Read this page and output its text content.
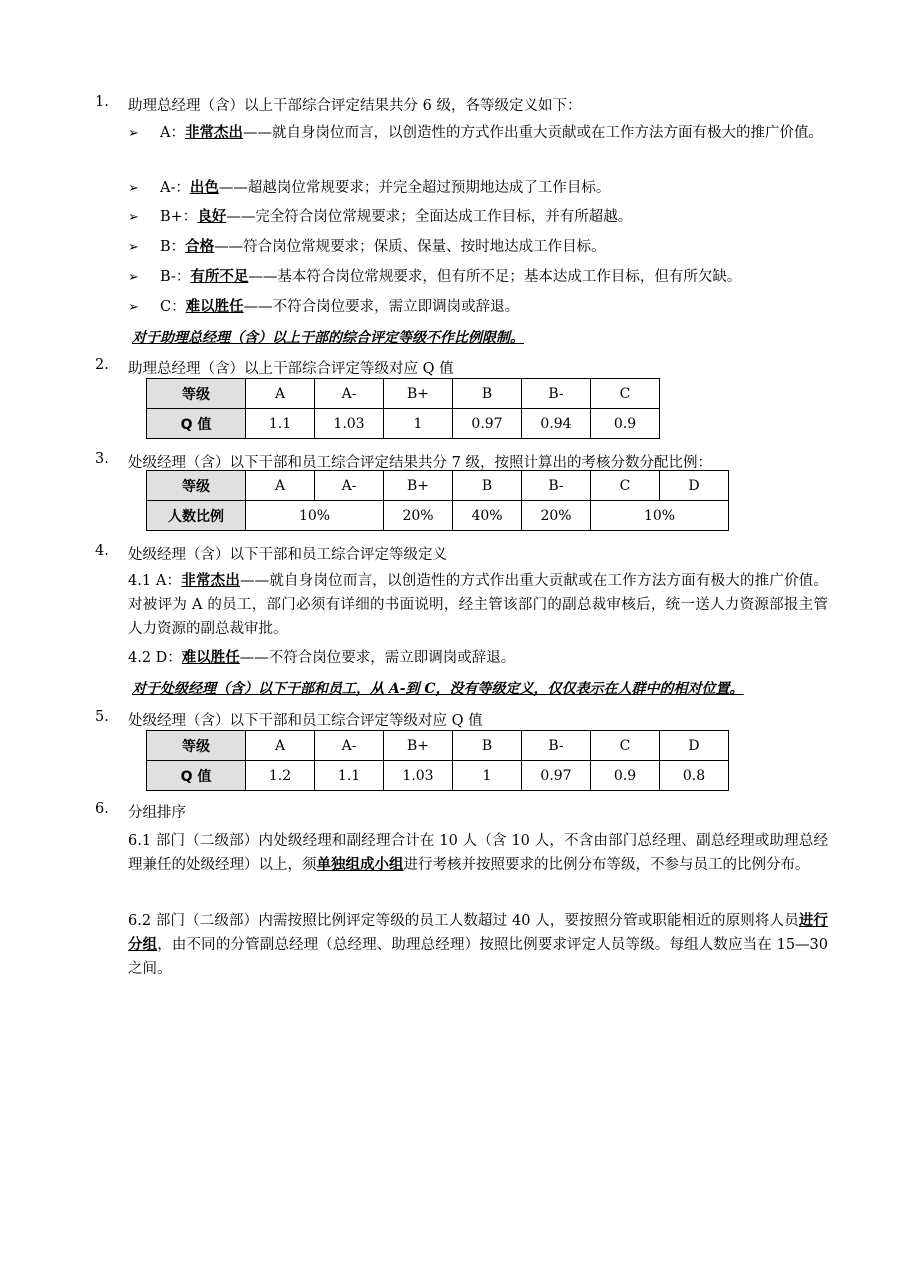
1. 助理总经理（含）以上干部综合评定结果共分 6 级，各等级定义如下：
➢ A：非常杰出——就自身岗位而言，以创造性的方式作出重大贡献或在工作方法方面有极大的推广价值。
➢ A-：出色——超越岗位常规要求；并完全超过预期地达成了工作目标。
➢ B+：良好——完全符合岗位常规要求；全面达成工作目标，并有所超越。
➢ B：合格——符合岗位常规要求；保质、保量、按时地达成工作目标。
➢ B-：有所不足——基本符合岗位常规要求，但有所不足；基本达成工作目标，但有所欠缺。
➢ C：难以胜任——不符合岗位要求，需立即调岗或辞退。
对于助理总经理（含）以上干部的综合评定等级不作比例限制。
2. 助理总经理（含）以上干部综合评定等级对应 Q 值
等级	A	A-	B+	B	B-	C
Q 值	1.1	1.03	1	0.97	0.94	0.9
3. 处级经理（含）以下干部和员工综合评定结果共分 7 级，按照计算出的考核分数分配比例：
等级	A	A-	B+	B	B-	C	D
人数比例	10%		20%	40%	20%	10%	
4. 处级经理（含）以下干部和员工综合评定等级定义
4.1 A：非常杰出——就自身岗位而言，以创造性的方式作出重大贡献或在工作方法方面有极大的推广价值。对被评为 A 的员工，部门必须有详细的书面说明，经主管该部门的副总裁审核后，统一送人力资源部报主管人力资源的副总裁审批。
4.2 D：难以胜任——不符合岗位要求，需立即调岗或辞退。
对于处级经理（含）以下干部和员工，从 A-到 C，没有等级定义，仅仅表示在人群中的相对位置。
5. 处级经理（含）以下干部和员工综合评定等级对应 Q 值
等级	A	A-	B+	B	B-	C	D
Q 值	1.2	1.1	1.03	1	0.97	0.9	0.8
6. 分组排序
6.1 部门（二级部）内处级经理和副经理合计在 10 人（含 10 人，不含由部门总经理、副总经理或助理总经理兼任的处级经理）以上，须单独组成小组进行考核并按照要求的比例分布等级，不参与员工的比例分布。
6.2 部门（二级部）内需按照比例评定等级的员工人数超过 40 人，要按照分管或职能相近的原则将人员进行分组，由不同的分管副总经理（总经理、助理总经理）按照比例要求评定人员等级。每组人数应当在 15—30 之间。
